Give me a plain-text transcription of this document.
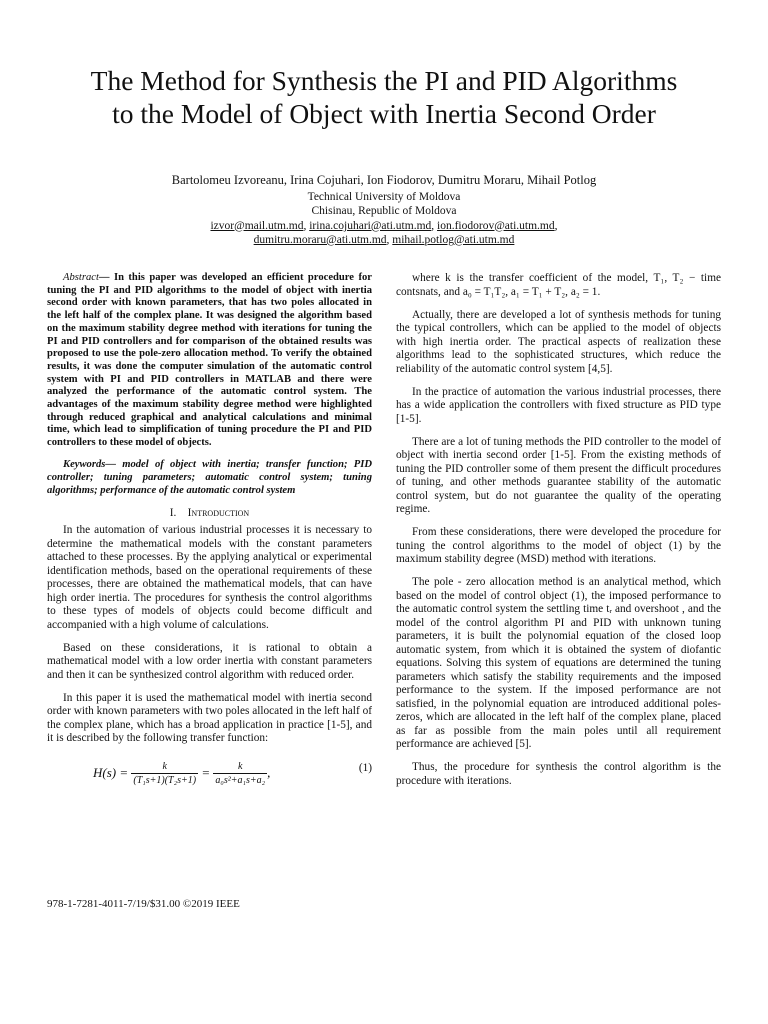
The Method for Synthesis the PI and PID Algorithms
to the Model of Object with Inertia Second Order
Bartolomeu Izvoreanu, Irina Cojuhari, Ion Fiodorov, Dumitru Moraru, Mihail Potlog
Technical University of Moldova
Chisinau, Republic of Moldova
izvor@mail.utm.md, irina.cojuhari@ati.utm.md, ion.fiodorov@ati.utm.md,
dumitru.moraru@ati.utm.md, mihail.potlog@ati.utm.md

Abstract— In this paper was developed an efficient procedure for tuning the PI and PID algorithms to the model of object with inertia second order with known parameters, that has two poles allocated in the left half of the complex plane. It was designed the algorithm based on the maximum stability degree method with iterations for tuning the PI and PID controllers and for comparison of the obtained results was proposed to use the pole-zero allocation method. To verify the obtained results, it was done the computer simulation of the automatic control system with PI and PID controllers in MATLAB and there were analyzed the performance of the automatic control system. The advantages of the maximum stability degree method were highlighted through reduced graphical and analytical calculations and minimal time, which lead to simplification of tuning procedure the PI and PID controllers to these model of objects.

Keywords— model of object with inertia; transfer function; PID controller; tuning parameters; automatic control system; tuning algorithms; performance of the automatic control system

I. Introduction

In the automation of various industrial processes it is necessary to determine the mathematical models with the constant parameters attached to these processes. By the applying analytical or experimental identification methods, based on the operational requirements of these processes, there are obtained the mathematical models, that can have high order inertia. The procedures for synthesis the control algorithms to these types of models of objects could become difficult and accompanied with a high volume of calculations.

Based on these considerations, it is rational to obtain a mathematical model with a low order inertia with constant parameters and then it can be synthesized control algorithm with reduced order.

In this paper it is used the mathematical model with inertia second order with known parameters with two poles allocated in the left half of the complex plane, which has a broad application in practice [1-5], and it is described by the following transfer function:

$H(s) = \frac{k}{\text{(T₁s+1)(T₂s+1)}} = \frac{k}{\text{a₀s²+a₁s+a₂}}$ ,	(1)

where k is the transfer coefficient of the model, T₁, T₂ − time contsnats, and a₀ = T₁T₂, a₁ = T₁ + T₂, a₂ = 1.

Actually, there are developed a lot of synthesis methods for tuning the typical controllers, which can be applied to the model of objects with high inertia order. The practical aspects of realization these algorithms lead to the sophisticated structures, which reduce the reliability of the automatic control system [4,5].

In the practice of automation the various industrial processes, there has a wide application the controllers with fixed structure as PID type [1-5].

There are a lot of tuning methods the PID controller to the model of object with inertia second order [1-5]. From the existing methods of tuning the PID controller some of them present the difficult procedures of tuning, and other methods guarantee stability of the automatic control system, but do not guarantee the quality of the operating regime.

From these considerations, there were developed the procedure for tuning the control algorithms to the model of object (1) by the maximum stability degree (MSD) method with iterations.

The pole - zero allocation method is an analytical method, which based on the model of control object (1), the imposed performance to the automatic control system the settling time tᵣ and overshoot , and the model of the control algorithm PI and PID with unknown tuning parameters, it is built the polynomial equation of the closed loop automatic system, from which it is obtained the system of diofantic equations. Solving this system of equations are determined the tuning parameters which satisfy the stability requirements and the imposed performance to the system. If the imposed performance are not satisfied, in the polynomial equation are introduced additional poles-zeros, which are allocated in the left half of the complex plane, placed as far as possible from the main poles until all requirement performance are achieved [5].

Thus, the procedure for synthesis the control algorithm is the procedure with iterations.

978-1-7281-4011-7/19/$31.00 ©2019 IEEE
